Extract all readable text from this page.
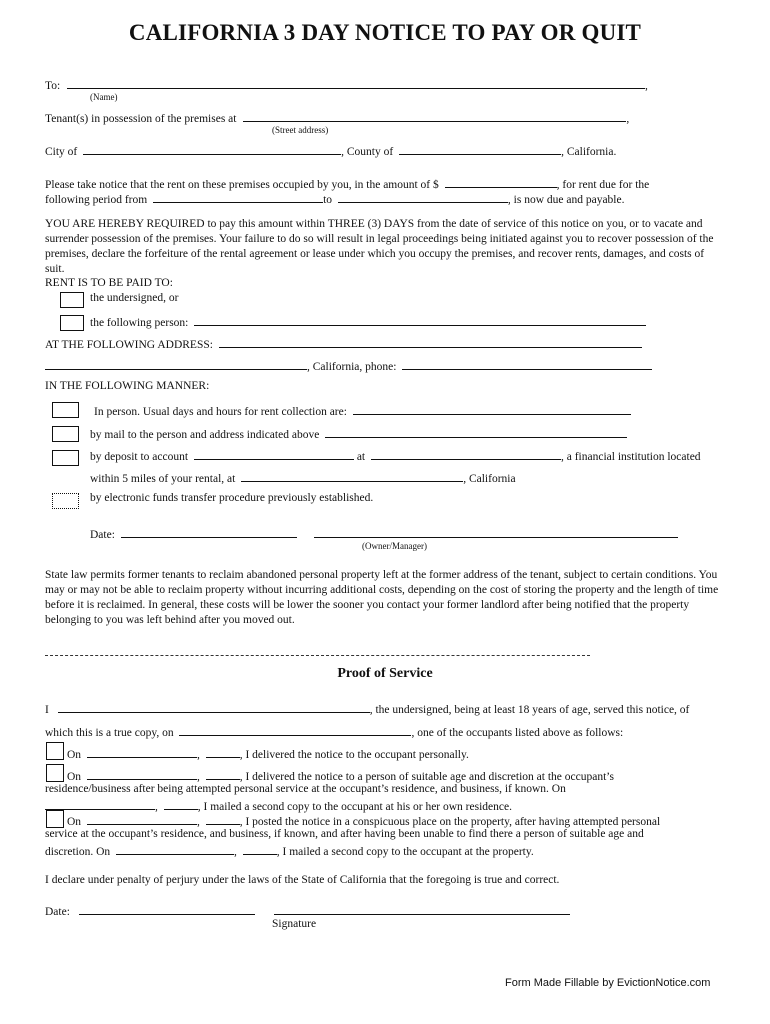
CALIFORNIA 3 DAY NOTICE TO PAY OR QUIT
To:	,
(Name)
Tenant(s) in possession of the premises at	,
(Street address)
City of	, County of	, California.
Please take notice that the rent on these premises occupied by you, in the amount of $	, for rent due for the
following period from	to	, is now due and payable.
YOU ARE HEREBY REQUIRED to pay this amount within THREE (3) DAYS from the date of service of this notice on you, or to vacate and surrender possession of the premises. Your failure to do so will result in legal proceedings being initiated against you to recover possession of the premises, declare the forfeiture of the rental agreement or lease under which you occupy the premises, and recover rents, damages, and costs of suit.
RENT IS TO BE PAID TO:
the undersigned, or
the following person:
AT THE FOLLOWING ADDRESS:
, California, phone:
IN THE FOLLOWING MANNER:
In person. Usual days and hours for rent collection are:
by mail to the person and address indicated above
by deposit to account	at	, a financial institution located
within 5 miles of your rental, at	, California
by electronic funds transfer procedure previously established.
Date:
(Owner/Manager)
State law permits former tenants to reclaim abandoned personal property left at the former address of the tenant, subject to certain conditions. You may or may not be able to reclaim property without incurring additional costs, depending on the cost of storing the property and the length of time before it is reclaimed. In general, these costs will be lower the sooner you contact your former landlord after being notified that the property belonging to you was left behind after you moved out.
Proof of Service
I	, the undersigned, being at least 18 years of age, served this notice, of
which this is a true copy, on	, one of the occupants listed above as follows:
On	,	, I delivered the notice to the occupant personally.
On	,	, I delivered the notice to a person of suitable age and discretion at the occupant’s
residence/business after being attempted personal service at the occupant’s residence, and business, if known. On
,	, I mailed a second copy to the occupant at his or her own residence.
On	,	, I posted the notice in a conspicuous place on the property, after having attempted personal
service at the occupant’s residence, and business, if known, and after having been unable to find there a person of suitable age and
discretion. On	,	, I mailed a second copy to the occupant at the property.
I declare under penalty of perjury under the laws of the State of California that the foregoing is true and correct.
Date:
Signature
Form Made Fillable by EvictionNotice.com
